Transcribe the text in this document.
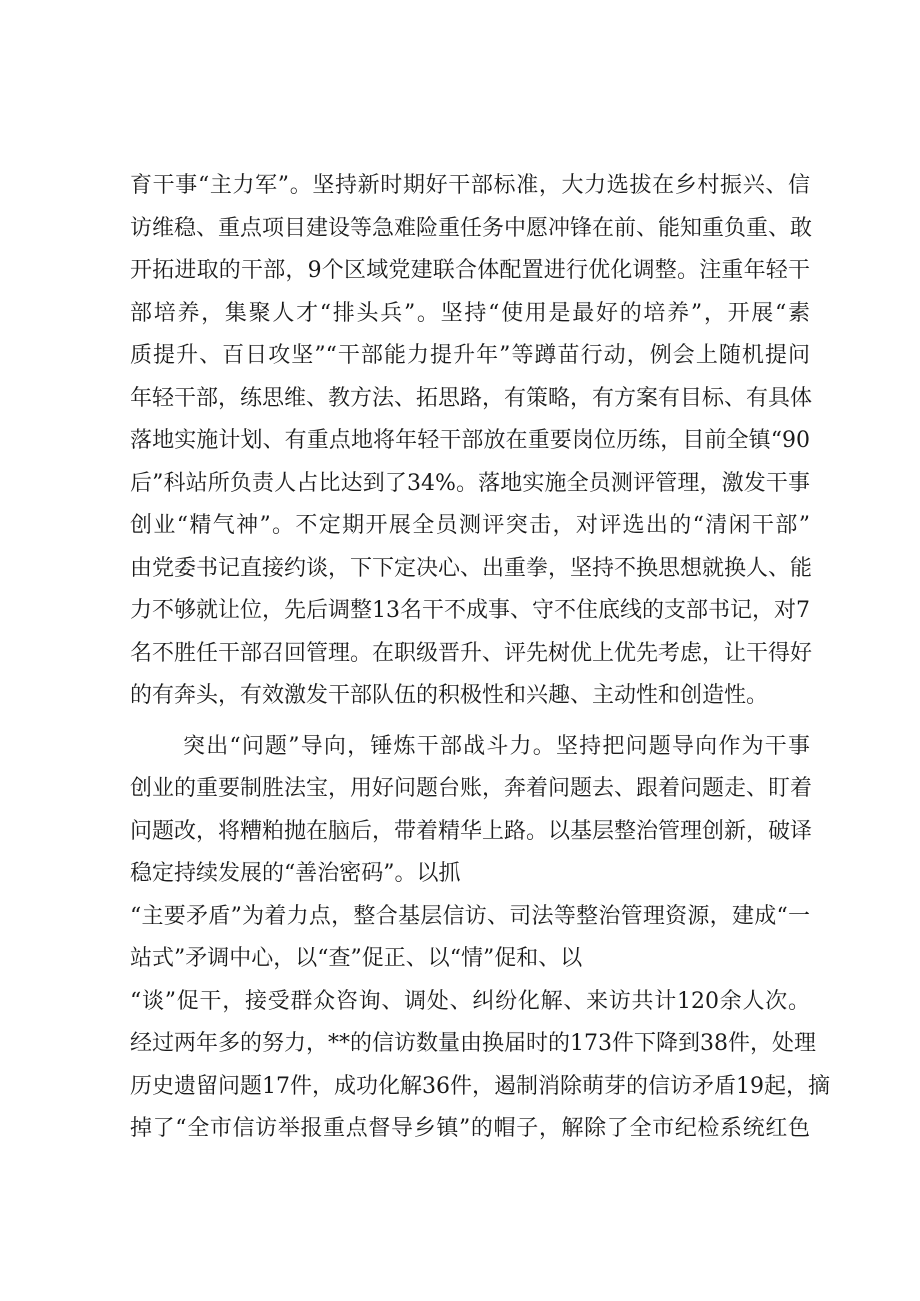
育干事“主力军”。坚持新时期好干部标准，大力选拔在乡村振兴、信
访维稳、重点项目建设等急难险重任务中愿冲锋在前、能知重负重、敢
开拓进取的干部，9个区域党建联合体配置进行优化调整。注重年轻干
部培养，集聚人才“排头兵”。坚持“使用是最好的培养”，开展“素
质提升、百日攻坚”“干部能力提升年”等蹲苗行动，例会上随机提问
年轻干部，练思维、教方法、拓思路，有策略，有方案有目标、有具体
落地实施计划、有重点地将年轻干部放在重要岗位历练，目前全镇“90
后”科站所负责人占比达到了34%。落地实施全员测评管理，激发干事
创业“精气神”。不定期开展全员测评突击，对评选出的“清闲干部”
由党委书记直接约谈，下下定决心、出重拳，坚持不换思想就换人、能
力不够就让位，先后调整13名干不成事、守不住底线的支部书记，对7
名不胜任干部召回管理。在职级晋升、评先树优上优先考虑，让干得好
的有奔头，有效激发干部队伍的积极性和兴趣、主动性和创造性。
突出“问题”导向，锤炼干部战斗力。坚持把问题导向作为干事
创业的重要制胜法宝，用好问题台账，奔着问题去、跟着问题走、盯着
问题改，将糟粕抛在脑后，带着精华上路。以基层整治管理创新，破译
稳定持续发展的“善治密码”。以抓
“主要矛盾”为着力点，整合基层信访、司法等整治管理资源，建成“一
站式”矛调中心，以“查”促正、以“情”促和、以
“谈”促干，接受群众咨询、调处、纠纷化解、来访共计120余人次。
经过两年多的努力，**的信访数量由换届时的173件下降到38件，处理
历史遗留问题17件，成功化解36件，遏制消除萌芽的信访矛盾19起，摘
掉了“全市信访举报重点督导乡镇”的帽子，解除了全市纪检系统红色
